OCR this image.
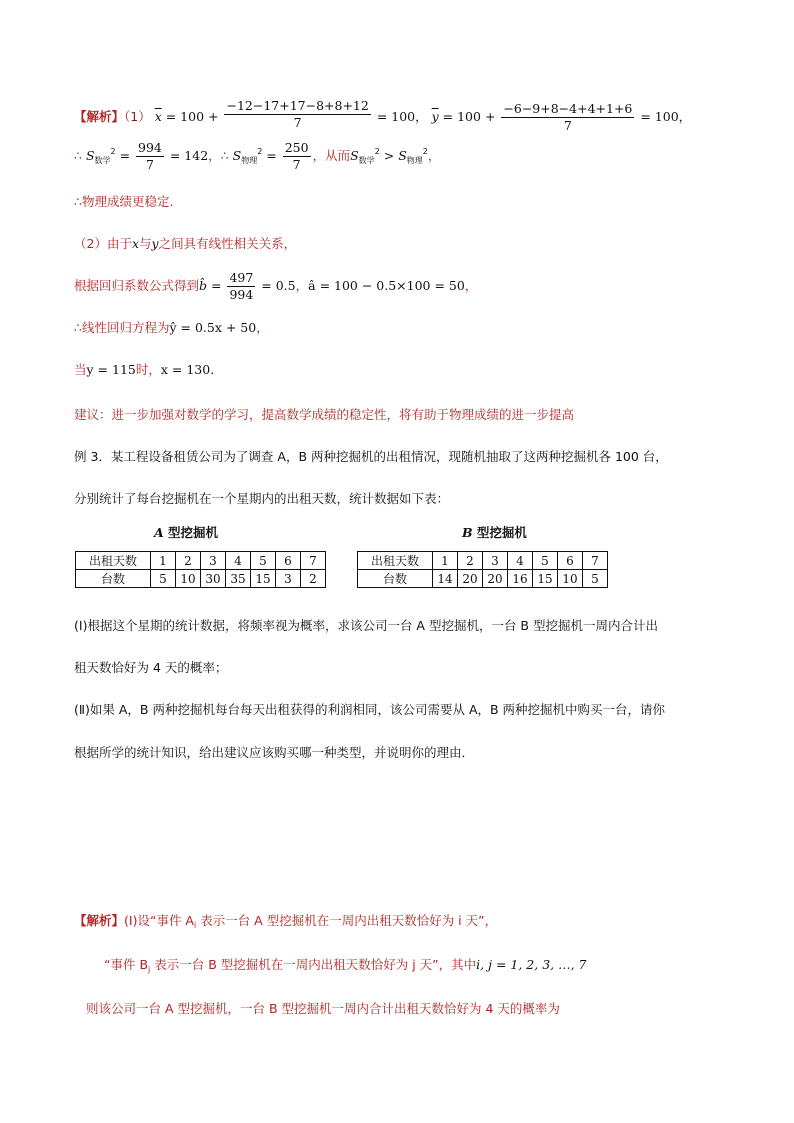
【解析】（1） $\overline{x} = 100 + \frac{-12-17+17-8+8+12}{7} = 100$， $\overline{y} = 100 + \frac{-6-9+8-4+4+1+6}{7} = 100$，
∴ $S_{数学}^2 = \frac{994}{7} = 142$，∴ $S_{物理}^2 = \frac{250}{7}$ ，从而$S_{数学}^2 > S_{物理}^2$，
∴物理成绩更稳定.
（2）由于x与y之间具有线性相关关系，
根据回归系数公式得到b̂ = $\frac{497}{994} = 0.5$，â = 100 − 0.5×100 = 50，
∴线性回归方程为ŷ = 0.5x + 50，
当y = 115时，x = 130.
建议：进一步加强对数学的学习，提高数学成绩的稳定性，将有助于物理成绩的进一步提高
例 3．某工程设备租赁公司为了调查 A，B 两种挖掘机的出租情况，现随机抽取了这两种挖掘机各 100 台，
分别统计了每台挖掘机在一个星期内的出租天数，统计数据如下表：
A 型挖掘机	B 型挖掘机
出租天数	1	2	3	4	5	6	7
台数	5	10	30	35	15	3	2
出租天数	1	2	3	4	5	6	7
台数	14	20	20	16	15	10	5
(Ⅰ)根据这个星期的统计数据，将频率视为概率，求该公司一台 A 型挖掘机，一台 B 型挖掘机一周内合计出
租天数恰好为 4 天的概率；
(Ⅱ)如果 A，B 两种挖掘机每台每天出租获得的利润相同，该公司需要从 A，B 两种挖掘机中购买一台，请你
根据所学的统计知识，给出建议应该购买哪一种类型，并说明你的理由．
【解析】(Ⅰ)设“事件 $A_i$ 表示一台 A 型挖掘机在一周内出租天数恰好为 i 天”，
“事件 $B_j$ 表示一台 B 型挖掘机在一周内出租天数恰好为 j 天”，其中i, j = 1, 2, 3, …, 7
则该公司一台 A 型挖掘机，一台 B 型挖掘机一周内合计出租天数恰好为 4 天的概率为
